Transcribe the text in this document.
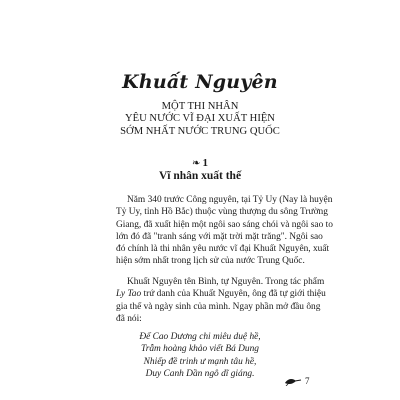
Khuất Nguyên
MỘT THI NHÂN
YÊU NƯỚC VĨ ĐẠI XUẤT HIỆN
SỚM NHẤT NƯỚC TRUNG QUỐC
❧ 1
Vĩ nhân xuất thế
Năm 340 trước Công nguyên, tại Tỷ Uy (Nay là huyện
Tỷ Uy, tỉnh Hồ Bắc) thuộc vùng thượng du sông Trường
Giang, đã xuất hiện một ngôi sao sáng chói và ngôi sao to
lớn đó đã "tranh sáng với mặt trời mặt trăng". Ngôi sao
đó chính là thi nhân yêu nước vĩ đại Khuất Nguyên, xuất
hiện sớm nhất trong lịch sử của nước Trung Quốc.
Khuất Nguyên tên Bình, tự Nguyên. Trong tác phẩm
Ly Tao trứ danh của Khuất Nguyên, ông đã tự giới thiệu
gia thế và ngày sinh của mình. Ngay phần mở đầu ông
đã nói:
Đế Cao Dương chi miêu duệ hề,
Trẫm hoàng khảo viết Bá Dung
Nhiếp đề trinh ư mạnh tâu hề,
Duy Canh Dần ngô dĩ giáng.
7
